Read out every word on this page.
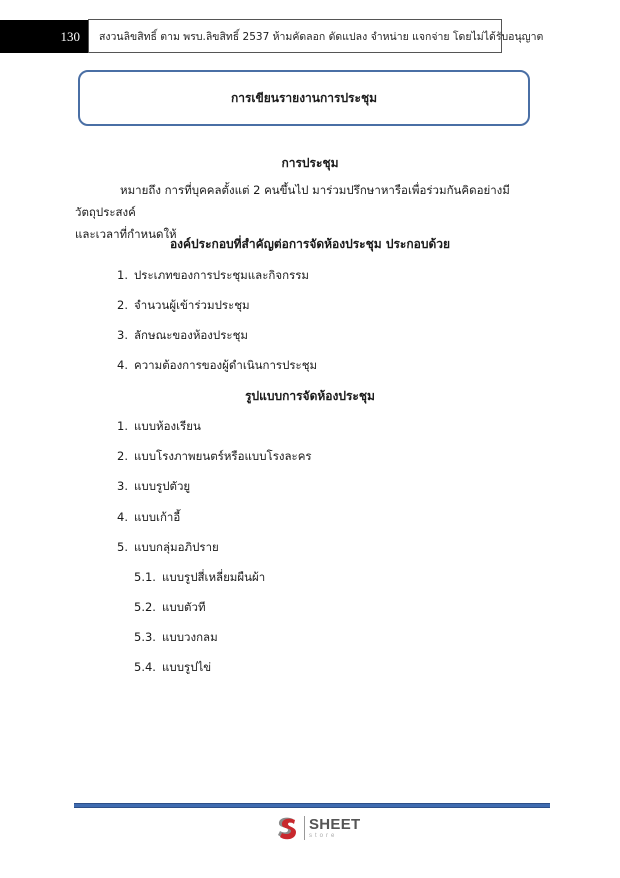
130 สงวนลิขสิทธิ์ ตาม พรบ.ลิขสิทธิ์ 2537 ห้ามคัดลอก ดัดแปลง จำหน่าย แจกจ่าย โดยไม่ได้รับอนุญาต
การเขียนรายงานการประชุม
การประชุม
หมายถึง การที่บุคคลตั้งแต่ 2 คนขึ้นไป มาร่วมปรึกษาหารือเพื่อร่วมกันคิดอย่างมีวัตถุประสงค์
และเวลาที่กำหนดให้
องค์ประกอบที่สำคัญต่อการจัดห้องประชุม ประกอบด้วย
1. ประเภทของการประชุมและกิจกรรม
2. จำนวนผู้เข้าร่วมประชุม
3. ลักษณะของห้องประชุม
4. ความต้องการของผู้ดำเนินการประชุม
รูปแบบการจัดห้องประชุม
1. แบบห้องเรียน
2. แบบโรงภาพยนตร์หรือแบบโรงละคร
3. แบบรูปตัวยู
4. แบบเก้าอี้
5. แบบกลุ่มอภิปราย
5.1. แบบรูปสี่เหลี่ยมผืนผ้า
5.2. แบบตัวที
5.3. แบบวงกลม
5.4. แบบรูปไข่
SHEET
store
